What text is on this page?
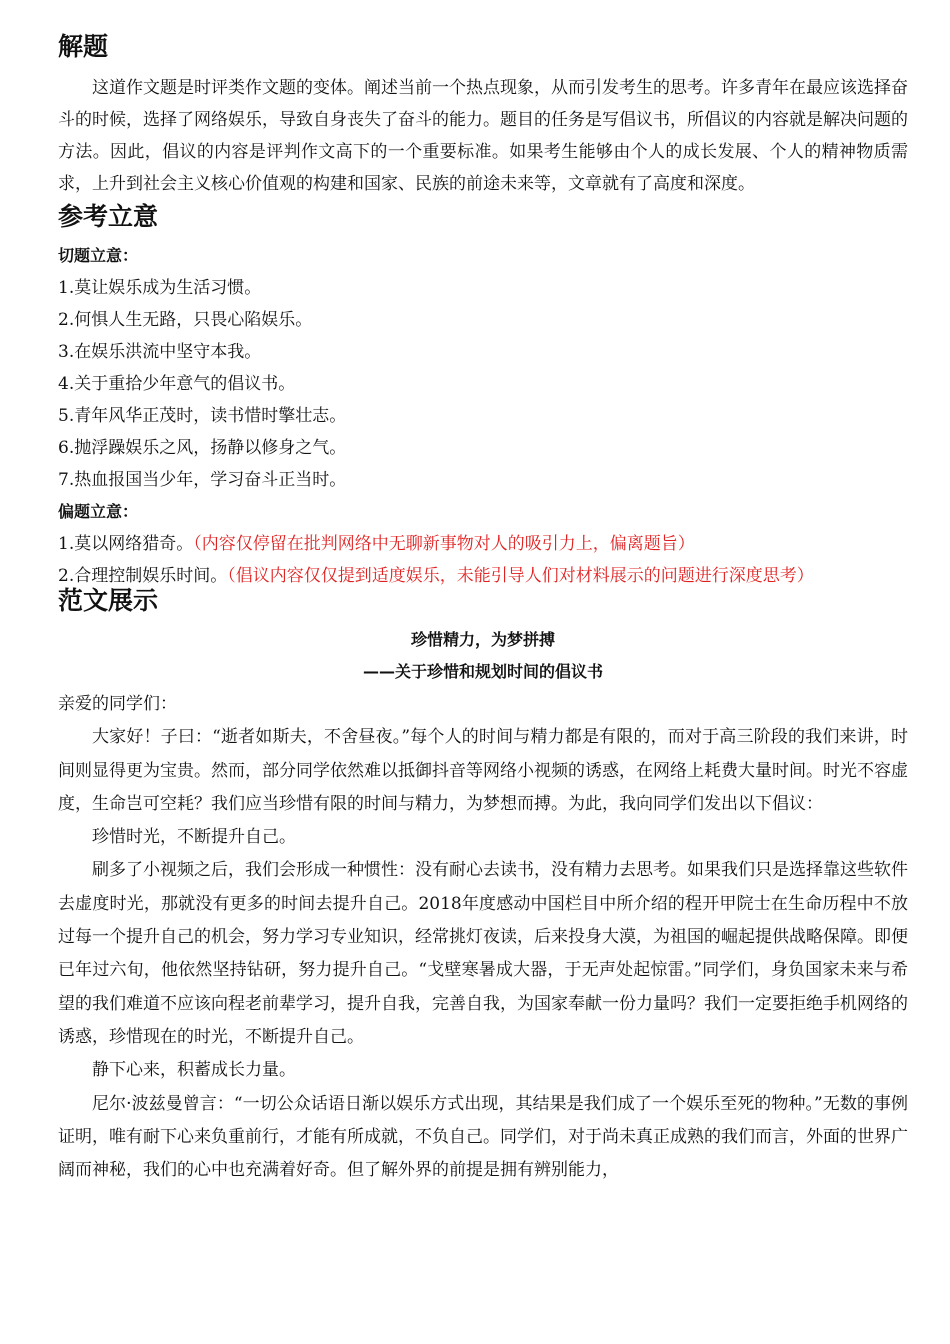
解题

这道作文题是时评类作文题的变体。阐述当前一个热点现象，从而引发考生的思考。许多青年在最应该选择奋斗的时候，选择了网络娱乐，导致自身丧失了奋斗的能力。题目的任务是写倡议书，所倡议的内容就是解决问题的方法。因此，倡议的内容是评判作文高下的一个重要标准。如果考生能够由个人的成长发展、个人的精神物质需求，上升到社会主义核心价值观的构建和国家、民族的前途未来等，文章就有了高度和深度。

参考立意

切题立意：

1.莫让娱乐成为生活习惯。

2.何惧人生无路，只畏心陷娱乐。

3.在娱乐洪流中坚守本我。

4.关于重拾少年意气的倡议书。

5.青年风华正茂时，读书惜时擎壮志。

6.抛浮躁娱乐之风，扬静以修身之气。

7.热血报国当少年，学习奋斗正当时。

偏题立意：

1.莫以网络猎奇。（内容仅停留在批判网络中无聊新事物对人的吸引力上，偏离题旨）

2.合理控制娱乐时间。（倡议内容仅仅提到适度娱乐，未能引导人们对材料展示的问题进行深度思考）

范文展示

珍惜精力，为梦拼搏

——关于珍惜和规划时间的倡议书

亲爱的同学们：

大家好！子曰：“逝者如斯夫，不舍昼夜。”每个人的时间与精力都是有限的，而对于高三阶段的我们来讲，时间则显得更为宝贵。然而，部分同学依然难以抵御抖音等网络小视频的诱惑，在网络上耗费大量时间。时光不容虚度，生命岂可空耗？我们应当珍惜有限的时间与精力，为梦想而搏。为此，我向同学们发出以下倡议：

珍惜时光，不断提升自己。

刷多了小视频之后，我们会形成一种惯性：没有耐心去读书，没有精力去思考。如果我们只是选择靠这些软件去虚度时光，那就没有更多的时间去提升自己。2018年度感动中国栏目中所介绍的程开甲院士在生命历程中不放过每一个提升自己的机会，努力学习专业知识，经常挑灯夜读，后来投身大漠，为祖国的崛起提供战略保障。即便已年过六旬，他依然坚持钻研，努力提升自己。“戈壁寒暑成大器，于无声处起惊雷。”同学们，身负国家未来与希望的我们难道不应该向程老前辈学习，提升自我，完善自我，为国家奉献一份力量吗？我们一定要拒绝手机网络的诱惑，珍惜现在的时光，不断提升自己。

静下心来，积蓄成长力量。

尼尔·波兹曼曾言：“一切公众话语日渐以娱乐方式出现，其结果是我们成了一个娱乐至死的物种。”无数的事例证明，唯有耐下心来负重前行，才能有所成就，不负自己。同学们，对于尚未真正成熟的我们而言，外面的世界广阔而神秘，我们的心中也充满着好奇。但了解外界的前提是拥有辨别能力，
